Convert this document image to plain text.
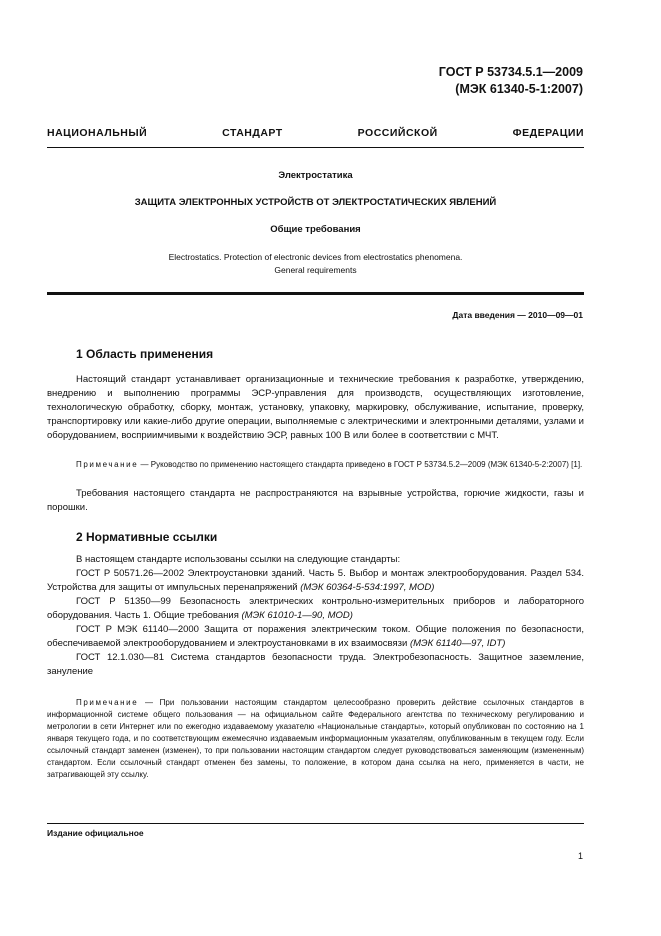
ГОСТ Р 53734.5.1—2009
(МЭК 61340-5-1:2007)
НАЦИОНАЛЬНЫЙ СТАНДАРТ РОССИЙСКОЙ ФЕДЕРАЦИИ
Электростатика
ЗАЩИТА ЭЛЕКТРОННЫХ УСТРОЙСТВ ОТ ЭЛЕКТРОСТАТИЧЕСКИХ ЯВЛЕНИЙ
Общие требования
Electrostatics. Protection of electronic devices from electrostatics phenomena.
General requirements
Дата введения — 2010—09—01
1 Область применения

Настоящий стандарт устанавливает организационные и технические требования к разработке, утверждению, внедрению и выполнению программы ЭСР-управления для производств, осуществляющих изготовление, технологическую обработку, сборку, монтаж, установку, упаковку, маркировку, обслуживание, испытание, проверку, транспортировку или какие-либо другие операции, выполняемые с электрическими и электронными деталями, узлами и оборудованием, восприимчивыми к воздействию ЭСР, равных 100 В или более в соответствии с МЧТ.

Примечание — Руководство по применению настоящего стандарта приведено в ГОСТ Р 53734.5.2—2009 (МЭК 61340-5-2:2007) [1].

Требования настоящего стандарта не распространяются на взрывные устройства, горючие жидкости, газы и порошки.

2 Нормативные ссылки

В настоящем стандарте использованы ссылки на следующие стандарты:

ГОСТ Р 50571.26—2002 Электроустановки зданий. Часть 5. Выбор и монтаж электрооборудования. Раздел 534. Устройства для защиты от импульсных перенапряжений (МЭК 60364-5-534:1997, MOD)

ГОСТ Р 51350—99 Безопасность электрических контрольно-измерительных приборов и лабораторного оборудования. Часть 1. Общие требования (МЭК 61010-1—90, MOD)

ГОСТ Р МЭК 61140—2000 Защита от поражения электрическим током. Общие положения по безопасности, обеспечиваемой электрооборудованием и электроустановками в их взаимосвязи (МЭК 61140—97, IDT)

ГОСТ 12.1.030—81 Система стандартов безопасности труда. Электробезопасность. Защитное заземление, зануление

Примечание — При пользовании настоящим стандартом целесообразно проверить действие ссылочных стандартов в информационной системе общего пользования — на официальном сайте Федерального агентства по техническому регулированию и метрологии в сети Интернет или по ежегодно издаваемому указателю «Национальные стандарты», который опубликован по состоянию на 1 января текущего года, и по соответствующим ежемесячно издаваемым информационным указателям, опубликованным в текущем году. Если ссылочный стандарт заменен (изменен), то при пользовании настоящим стандартом следует руководствоваться заменяющим (измененным) стандартом. Если ссылочный стандарт отменен без замены, то положение, в котором дана ссылка на него, применяется в части, не затрагивающей эту ссылку.

Издание официальное
1
